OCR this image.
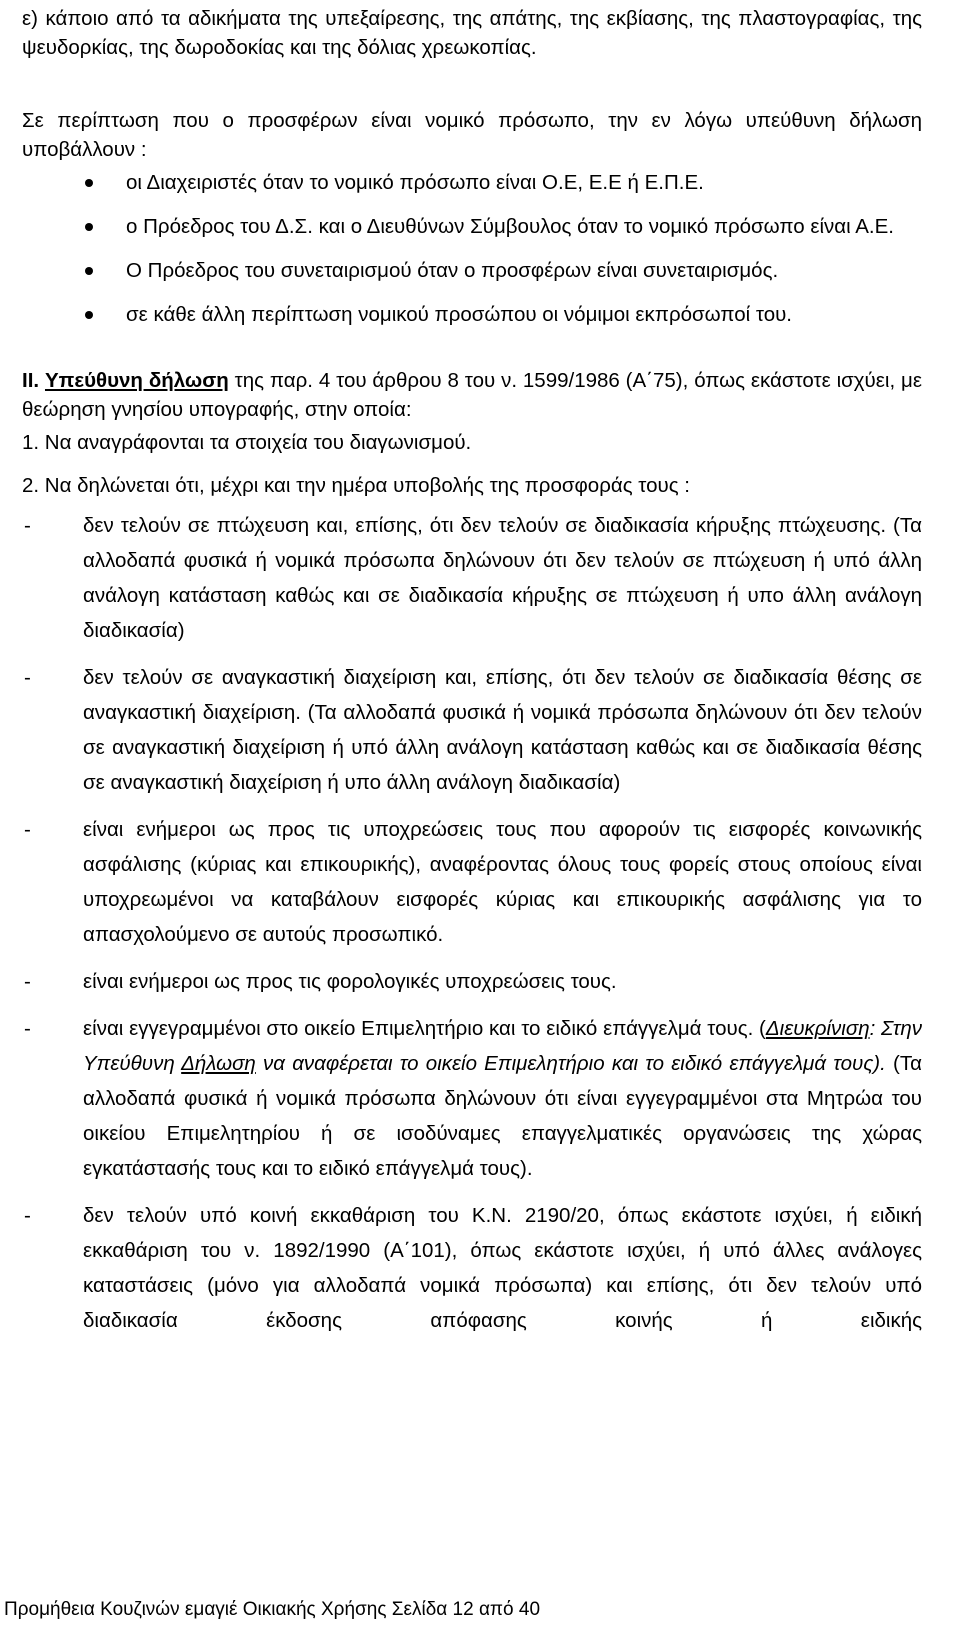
ε) κάποιο από τα αδικήματα της υπεξαίρεσης, της απάτης, της εκβίασης, της πλαστογραφίας, της ψευδορκίας, της δωροδοκίας και της δόλιας χρεωκοπίας.

Σε περίπτωση που ο προσφέρων είναι νομικό πρόσωπο, την εν λόγω υπεύθυνη δήλωση υποβάλλουν :

οι Διαχειριστές όταν το νομικό πρόσωπο είναι Ο.Ε, Ε.Ε ή Ε.Π.Ε.
ο Πρόεδρος του Δ.Σ. και ο Διευθύνων Σύμβουλος όταν το νομικό πρόσωπο είναι Α.Ε.
Ο Πρόεδρος του συνεταιρισμού όταν ο προσφέρων είναι συνεταιρισμός.
σε κάθε άλλη περίπτωση νομικού προσώπου οι νόμιμοι εκπρόσωποί του.

ΙΙ. Υπεύθυνη δήλωση της παρ. 4 του άρθρου 8 του ν. 1599/1986 (Α΄75), όπως εκάστοτε ισχύει, με θεώρηση γνησίου υπογραφής, στην οποία:

1. Να αναγράφονται τα στοιχεία του διαγωνισμού.

2. Να δηλώνεται ότι, μέχρι και την ημέρα υποβολής της προσφοράς τους :

-	δεν τελούν σε πτώχευση και, επίσης, ότι δεν τελούν σε διαδικασία κήρυξης πτώχευσης. (Τα αλλοδαπά φυσικά ή νομικά πρόσωπα δηλώνουν ότι δεν τελούν σε πτώχευση ή υπό άλλη ανάλογη κατάσταση καθώς και σε διαδικασία κήρυξης σε πτώχευση ή υπο άλλη ανάλογη διαδικασία)
-	δεν τελούν σε αναγκαστική διαχείριση και, επίσης, ότι δεν τελούν σε διαδικασία θέσης σε αναγκαστική διαχείριση. (Τα αλλοδαπά φυσικά ή νομικά πρόσωπα δηλώνουν ότι δεν τελούν σε αναγκαστική διαχείριση ή υπό άλλη ανάλογη κατάσταση καθώς και σε διαδικασία θέσης σε αναγκαστική διαχείριση ή υπο άλλη ανάλογη διαδικασία)
-	είναι ενήμεροι ως προς τις υποχρεώσεις τους που αφορούν τις εισφορές κοινωνικής ασφάλισης (κύριας και επικουρικής), αναφέροντας όλους τους φορείς στους οποίους είναι υποχρεωμένοι να καταβάλουν εισφορές κύριας και επικουρικής ασφάλισης για το απασχολούμενο σε αυτούς προσωπικό.
-	είναι ενήμεροι ως προς τις φορολογικές υποχρεώσεις τους.
-	είναι εγγεγραμμένοι στο οικείο Επιμελητήριο και το ειδικό επάγγελμά τους. (Διευκρίνιση: Στην Υπεύθυνη Δήλωση να αναφέρεται το οικείο Επιμελητήριο και το ειδικό επάγγελμά τους). (Τα αλλοδαπά φυσικά ή νομικά πρόσωπα δηλώνουν ότι είναι εγγεγραμμένοι στα Μητρώα του οικείου Επιμελητηρίου ή σε ισοδύναμες επαγγελματικές οργανώσεις της χώρας εγκατάστασής τους και το ειδικό επάγγελμά τους).
-	δεν τελούν υπό κοινή εκκαθάριση του Κ.Ν. 2190/20, όπως εκάστοτε ισχύει, ή ειδική εκκαθάριση του ν. 1892/1990 (Α΄101), όπως εκάστοτε ισχύει, ή υπό άλλες ανάλογες καταστάσεις (μόνο για αλλοδαπά νομικά πρόσωπα) και επίσης, ότι δεν τελούν υπό διαδικασία έκδοσης απόφασης κοινής ή ειδικής
Προμήθεια Κουζινών εμαγιέ Οικιακής Χρήσης Σελίδα 12 από 40
